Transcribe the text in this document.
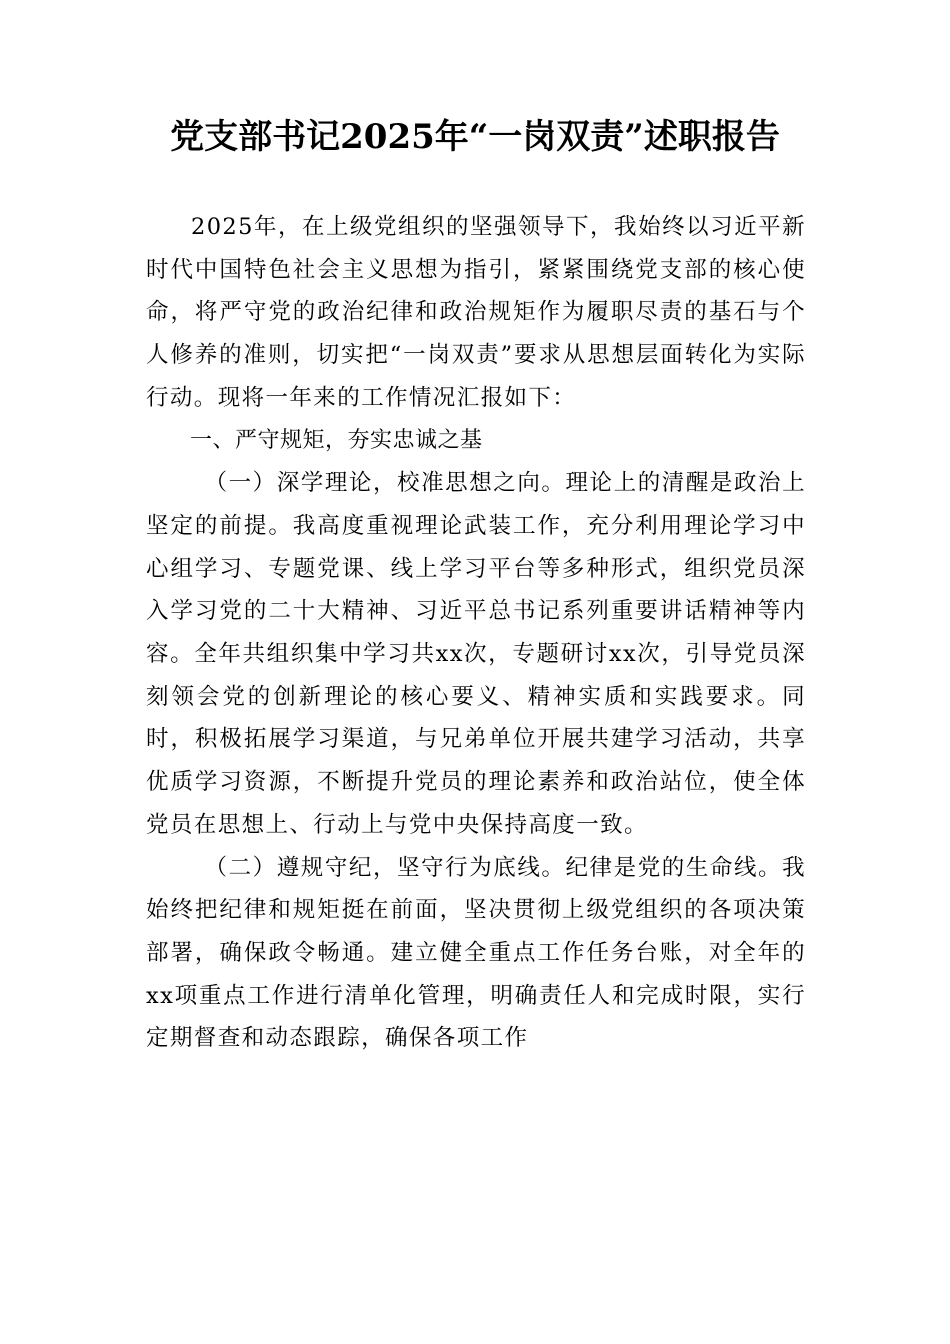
党支部书记2025年“一岗双责”述职报告

2025年，在上级党组织的坚强领导下，我始终以习近平新时代中国特色社会主义思想为指引，紧紧围绕党支部的核心使命，将严守党的政治纪律和政治规矩作为履职尽责的基石与个人修养的准则，切实把“一岗双责”要求从思想层面转化为实际行动。现将一年来的工作情况汇报如下：

一、严守规矩，夯实忠诚之基

（一）深学理论，校准思想之向。理论上的清醒是政治上坚定的前提。我高度重视理论武装工作，充分利用理论学习中心组学习、专题党课、线上学习平台等多种形式，组织党员深入学习党的二十大精神、习近平总书记系列重要讲话精神等内容。全年共组织集中学习共xx次，专题研讨xx次，引导党员深刻领会党的创新理论的核心要义、精神实质和实践要求。同时，积极拓展学习渠道，与兄弟单位开展共建学习活动，共享优质学习资源，不断提升党员的理论素养和政治站位，使全体党员在思想上、行动上与党中央保持高度一致。

（二）遵规守纪，坚守行为底线。纪律是党的生命线。我始终把纪律和规矩挺在前面，坚决贯彻上级党组织的各项决策部署，确保政令畅通。建立健全重点工作任务台账，对全年的xx项重点工作进行清单化管理，明确责任人和完成时限，实行定期督查和动态跟踪，确保各项工作
